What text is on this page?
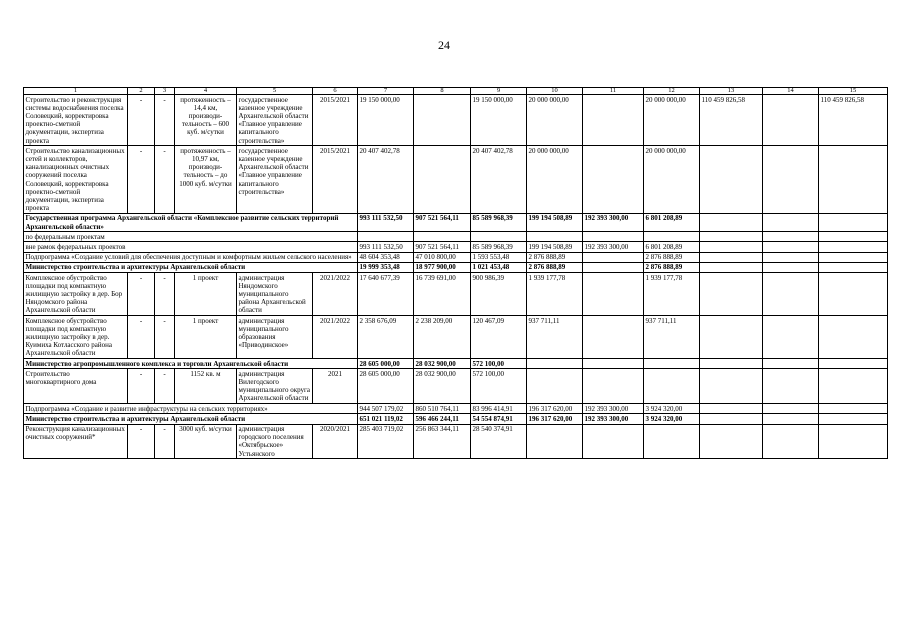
24
1	2	3	4	5	6	7	8	9	10	11	12	13	14	15
Строительство и реконструкция системы водоснабжения поселка Соловецкий, корректировка проектно-сметной документации, экспертиза проекта	-	-	протяженность – 14,4 км, производи-тельность – 600 куб. м/сутки	государственное казенное учреждение Архангельской области «Главное управление капитального строительства»	2015/2021	19 150 000,00		19 150 000,00	20 000 000,00		20 000 000,00	110 459 826,58		110 459 826,58
Строительство канализационных сетей и коллекторов, канализационных очистных сооружений поселка Соловецкий, корректировка проектно-сметной документации, экспертиза проекта	-	-	протяженность – 10,97 км, производи-тельность – до 1000 куб. м/сутки	государственное казенное учреждение Архангельской области «Главное управление капитального строительства»	2015/2021	20 407 402,78		20 407 402,78	20 000 000,00		20 000 000,00			
Государственная программа Архангельской области «Комплексное развитие сельских территорий Архангельской области»						993 111 532,50	907 521 564,11	85 589 968,39	199 194 508,89	192 393 300,00	6 801 208,89			
по федеральным проектам														
вне рамок федеральных проектов						993 111 532,50	907 521 564,11	85 589 968,39	199 194 508,89	192 393 300,00	6 801 208,89			
Подпрограмма «Создание условий для обеспечения доступным и комфортным жильем сельского населения»						48 604 353,48	47 010 800,00	1 593 553,48	2 876 888,89		2 876 888,89			
Министерство строительства и архитектуры Архангельской области						19 999 353,48	18 977 900,00	1 021 453,48	2 876 888,89		2 876 888,89			
Комплексное обустройство площадки под компактную жилищную застройку в дер. Бор Няндомского района Архангельской области	-	-	1 проект	администрация Няндомского муниципального района Архангельской области	2021/2022	17 640 677,39	16 739 691,00	900 986,39	1 939 177,78		1 939 177,78			
Комплексное обустройство площадки под компактную жилищную застройку в дер. Куимиха Котласского района Архангельской области	-	-	1 проект	администрация муниципального образования «Приводинское»	2021/2022	2 358 676,09	2 238 209,00	120 467,09	937 711,11		937 711,11			
Министерство агропромышленного комплекса и торговли Архангельской области						28 605 000,00	28 032 900,00	572 100,00						
Строительство многоквартирного дома	-	-	1152 кв. м	администрация Вилегодского муниципального округа Архангельской области	2021	28 605 000,00	28 032 900,00	572 100,00						
Подпрограмма «Создание и развитие инфраструктуры на сельских территориях»						944 507 179,02	860 510 764,11	83 996 414,91	196 317 620,00	192 393 300,00	3 924 320,00			
Министерство строительства и архитектуры Архангельской области						651 021 119,02	596 466 244,11	54 554 874,91	196 317 620,00	192 393 300,00	3 924 320,00			
Реконструкция канализационных очистных сооружений*	-	-	3000 куб. м/сутки	администрация городского поселения «Октябрьское» Устьянского	2020/2021	285 403 719,02	256 863 344,11	28 540 374,91						
